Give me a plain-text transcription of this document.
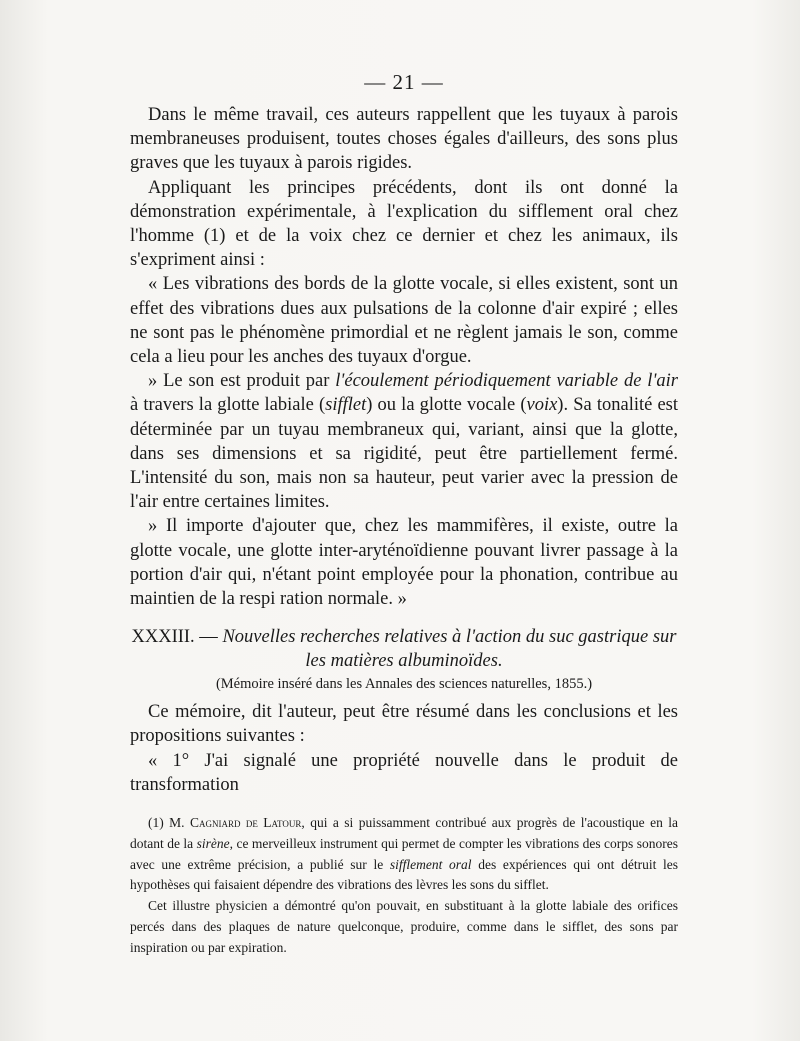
— 21 —

Dans le même travail, ces auteurs rappellent que les tuyaux à parois membraneuses produisent, toutes choses égales d'ailleurs, des sons plus graves que les tuyaux à parois rigides.

Appliquant les principes précédents, dont ils ont donné la démonstration expérimentale, à l'explication du sifflement oral chez l'homme (1) et de la voix chez ce dernier et chez les animaux, ils s'expriment ainsi :

« Les vibrations des bords de la glotte vocale, si elles existent, sont un effet des vibrations dues aux pulsations de la colonne d'air expiré ; elles ne sont pas le phénomène primordial et ne règlent jamais le son, comme cela a lieu pour les anches des tuyaux d'orgue.

» Le son est produit par l'écoulement périodiquement variable de l'air à travers la glotte labiale (sifflet) ou la glotte vocale (voix). Sa tonalité est déterminée par un tuyau membraneux qui, variant, ainsi que la glotte, dans ses dimensions et sa rigidité, peut être partiellement fermé. L'intensité du son, mais non sa hauteur, peut varier avec la pression de l'air entre certaines limites.

» Il importe d'ajouter que, chez les mammifères, il existe, outre la glotte vocale, une glotte inter-aryténoïdienne pouvant livrer passage à la portion d'air qui, n'étant point employée pour la phonation, contribue au maintien de la respi ration normale. »

XXXIII. — Nouvelles recherches relatives à l'action du suc gastrique sur les matières albuminoïdes.
(Mémoire inséré dans les Annales des sciences naturelles, 1855.)

Ce mémoire, dit l'auteur, peut être résumé dans les conclusions et les propositions suivantes :

« 1° J'ai signalé une propriété nouvelle dans le produit de transformation

(1) M. Cagniard de Latour, qui a si puissamment contribué aux progrès de l'acoustique en la dotant de la sirène, ce merveilleux instrument qui permet de compter les vibrations des corps sonores avec une extrême précision, a publié sur le sifflement oral des expériences qui ont détruit les hypothèses qui faisaient dépendre des vibrations des lèvres les sons du sifflet.

Cet illustre physicien a démontré qu'on pouvait, en substituant à la glotte labiale des orifices percés dans des plaques de nature quelconque, produire, comme dans le sifflet, des sons par inspiration ou par expiration.
